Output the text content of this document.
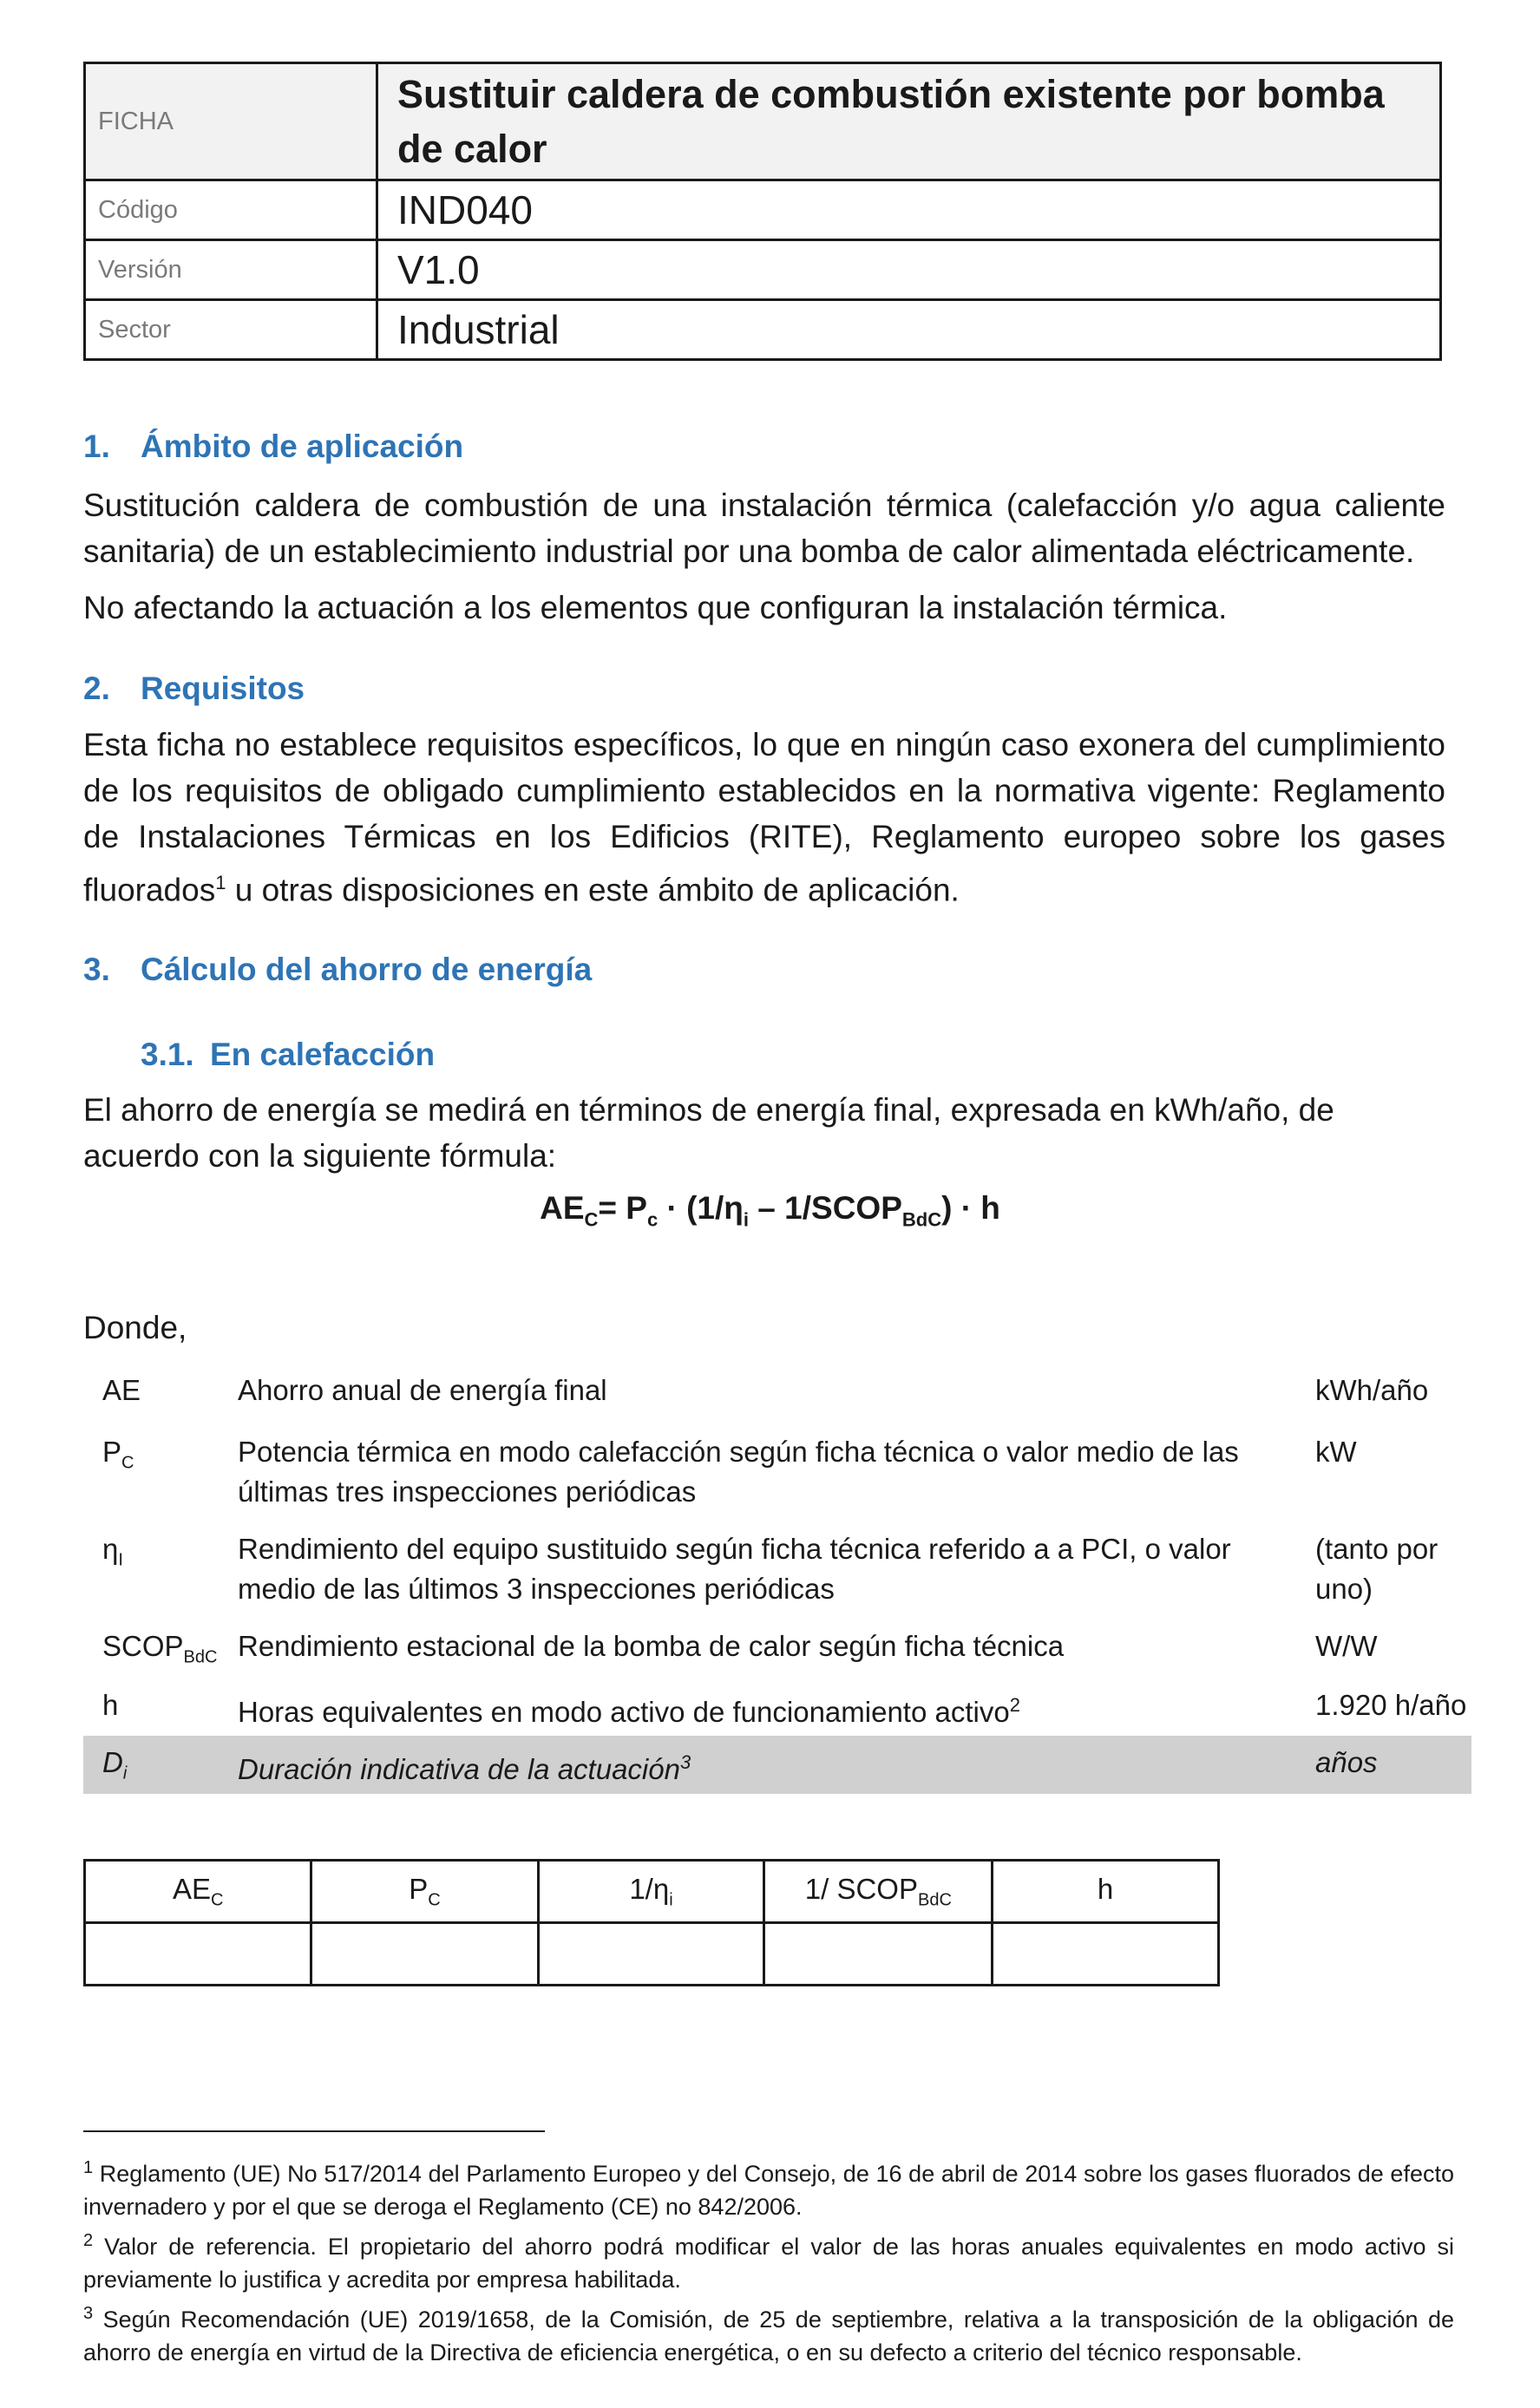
FICHA	Sustituir caldera de combustión existente por bomba de calor
Código	IND040
Versión	V1.0
Sector	Industrial
1. Ámbito de aplicación
Sustitución caldera de combustión de una instalación térmica (calefacción y/o agua caliente sanitaria) de un establecimiento industrial por una bomba de calor alimentada eléctricamente.
No afectando la actuación a los elementos que configuran la instalación térmica.
2. Requisitos
Esta ficha no establece requisitos específicos, lo que en ningún caso exonera del cumplimiento de los requisitos de obligado cumplimiento establecidos en la normativa vigente: Reglamento de Instalaciones Térmicas en los Edificios (RITE), Reglamento europeo sobre los gases fluorados$^1$ u otras disposiciones en este ámbito de aplicación.
3. Cálculo del ahorro de energía
3.1. En calefacción
El ahorro de energía se medirá en términos de energía final, expresada en kWh/año, de acuerdo con la siguiente fórmula:
$AE_C= P_c \cdot (1/\eta_i$ – $1/SCOP_{BdC}) \cdot h$
Donde,
AE	Ahorro anual de energía final	kWh/año
$P_C$	Potencia térmica en modo calefacción según ficha técnica o valor medio de las últimas tres inspecciones periódicas	kW
$\eta_I$	Rendimiento del equipo sustituido según ficha técnica referido a a PCI, o valor medio de las últimos 3 inspecciones periódicas	(tanto por uno)
$SCOP_{BdC}$	Rendimiento estacional de la bomba de calor según ficha técnica	W/W
h	Horas equivalentes en modo activo de funcionamiento activo$^2$	1.920 h/año
$D_i$	Duración indicativa de la actuación$^3$	años
$AE_C$	$P_C$	$1/\eta_i$	1/ $SCOP_{BdC}$	h

$^1$ Reglamento (UE) No 517/2014 del Parlamento Europeo y del Consejo, de 16 de abril de 2014 sobre los gases fluorados de efecto invernadero y por el que se deroga el Reglamento (CE) no 842/2006.
$^2$ Valor de referencia. El propietario del ahorro podrá modificar el valor de las horas anuales equivalentes en modo activo si previamente lo justifica y acredita por empresa habilitada.
$^3$ Según Recomendación (UE) 2019/1658, de la Comisión, de 25 de septiembre, relativa a la transposición de la obligación de ahorro de energía en virtud de la Directiva de eficiencia energética, o en su defecto a criterio del técnico responsable.
